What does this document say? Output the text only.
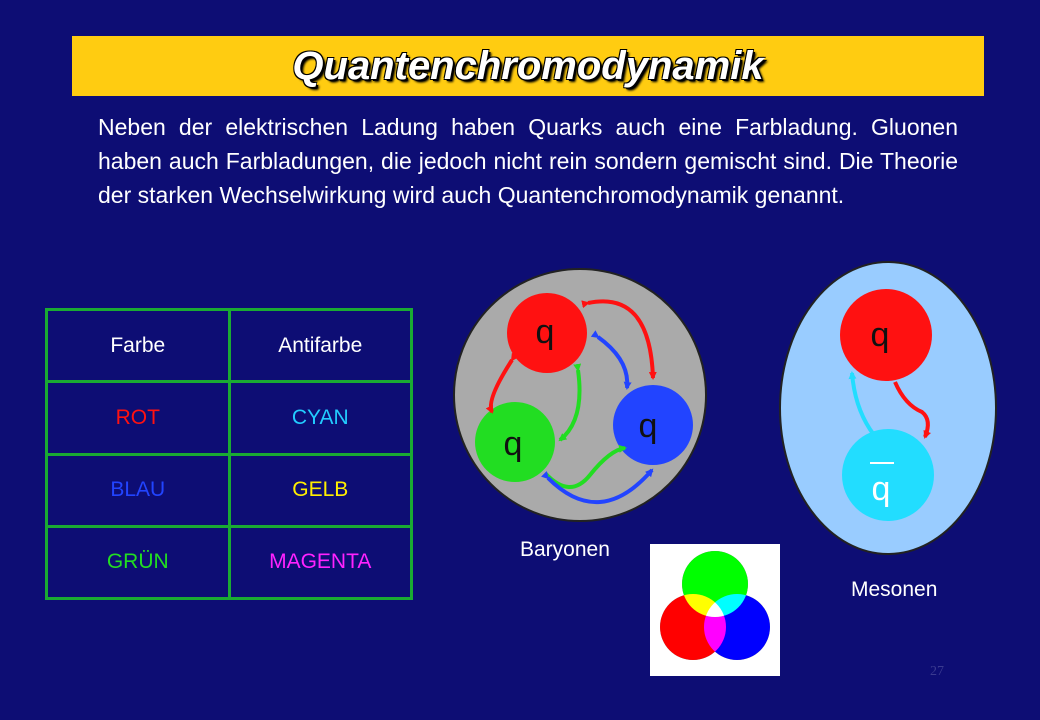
Quantenchromodynamik
Neben der elektrischen Ladung haben Quarks auch eine Farbladung. Gluonen haben auch Farbladungen, die jedoch nicht rein sondern gemischt sind. Die Theorie der starken Wechselwirkung wird auch Quantenchromodynamik genannt.
Farbe	Antifarbe
ROT	CYAN
BLAU	GELB
GRÜN	MAGENTA
q
q
q
q
q
Baryonen
Mesonen
27
